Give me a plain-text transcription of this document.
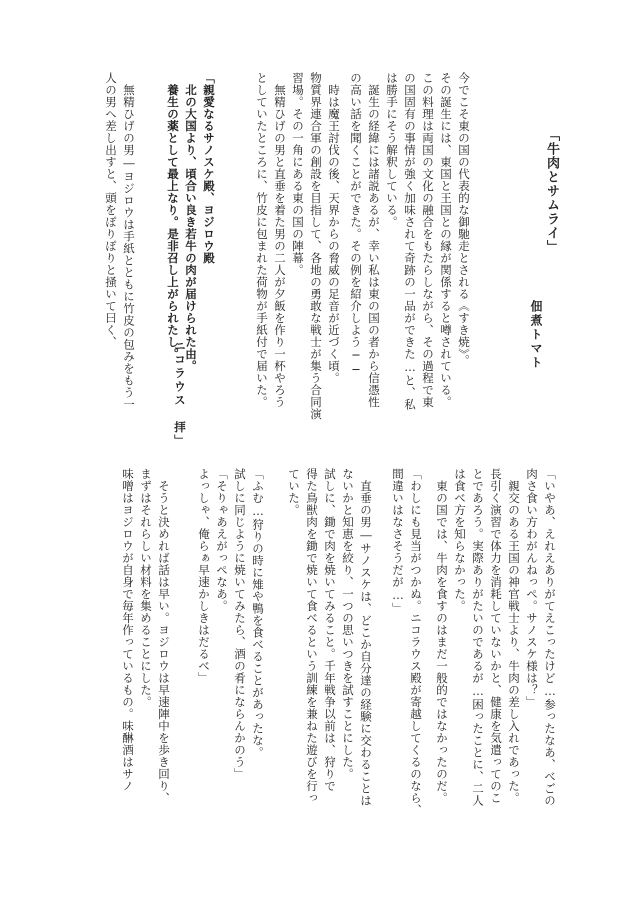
「牛肉とサムライ」
佃煮トマト
今でこそ東の国の代表的な御馳走とされる《すき焼》。
その誕生には、東国と王国との縁が関係すると噂されている。
この料理は両国の文化の融合をもたらしながら、その過程で東
の国固有の事情が強く加味されて奇跡の一品ができた…と、私
は勝手にそう解釈している。
　誕生の経緯には諸説あるが、幸い私は東の国の者から信憑性
の高い話を聞くことができた。その例を紹介しよう──
　時は魔王討伐の後、天界からの脅威の足音が近づく頃。
物質界連合軍の創設を目指して、各地の勇敢な戦士が集う合同演
習場。その一角にある東の国の陣幕。
　無精ひげの男と直垂を着た男の二人が夕飯を作り一杯やろう
としていたところに、竹皮に包まれた荷物が手紙付で届いた。
「親愛なるサノスケ殿、ヨジロウ殿
　北の大国より、頃合い良き若牛の肉が届けられた由。
　養生の薬として最上なり。是非召し上がられたし。
ニコラウス　拝」
　無精ひげの男―ヨジロウは手紙とともに竹皮の包みをもう一
人の男へ差し出すと、頭をぽりぽりと掻いて曰く、
「いやあ、えれえありがてえこったけど…参ったなあ、べごの
肉さ食い方わがんねっぺ。サノスケ様は？」
　親交のある王国の神官戦士より、牛肉の差し入れであった。
長引く演習で体力を消耗していないかと、健康を気遣ってのこ
とであろう。実際ありがたいのであるが…困ったことに、二人
は食べ方を知らなかった。
　東の国では、牛肉を食すのはまだ一般的ではなかったのだ。
「わしにも見当がつかぬ。ニコラウス殿が寄越してくるのなら、
間違いはなさそうだが…」
　直垂の男―サノスケは、どこか自分達の経験に交わることは
ないかと知恵を絞り、一つの思いつきを試すことにした。
試しに、鋤で肉を焼いてみること。千年戦争以前は、狩りで
得た鳥獣肉を鋤で焼いて食べるという訓練を兼ねた遊びを行っ
ていた。
「ふむ…狩りの時に雉や鴨を食べることがあったな。
試しに同じように焼いてみたら、酒の肴にならんかのう」
「そりゃあえがっぺなあ。
よっしゃ、俺らぁ早速かしきはだるべ」
　そうと決めれば話は早い。ヨジロウは早速陣中を歩き回り、
まずはそれらしい材料を集めることにした。
味噌はヨジロウが自身で毎年作っているもの。味醂酒はサノ
